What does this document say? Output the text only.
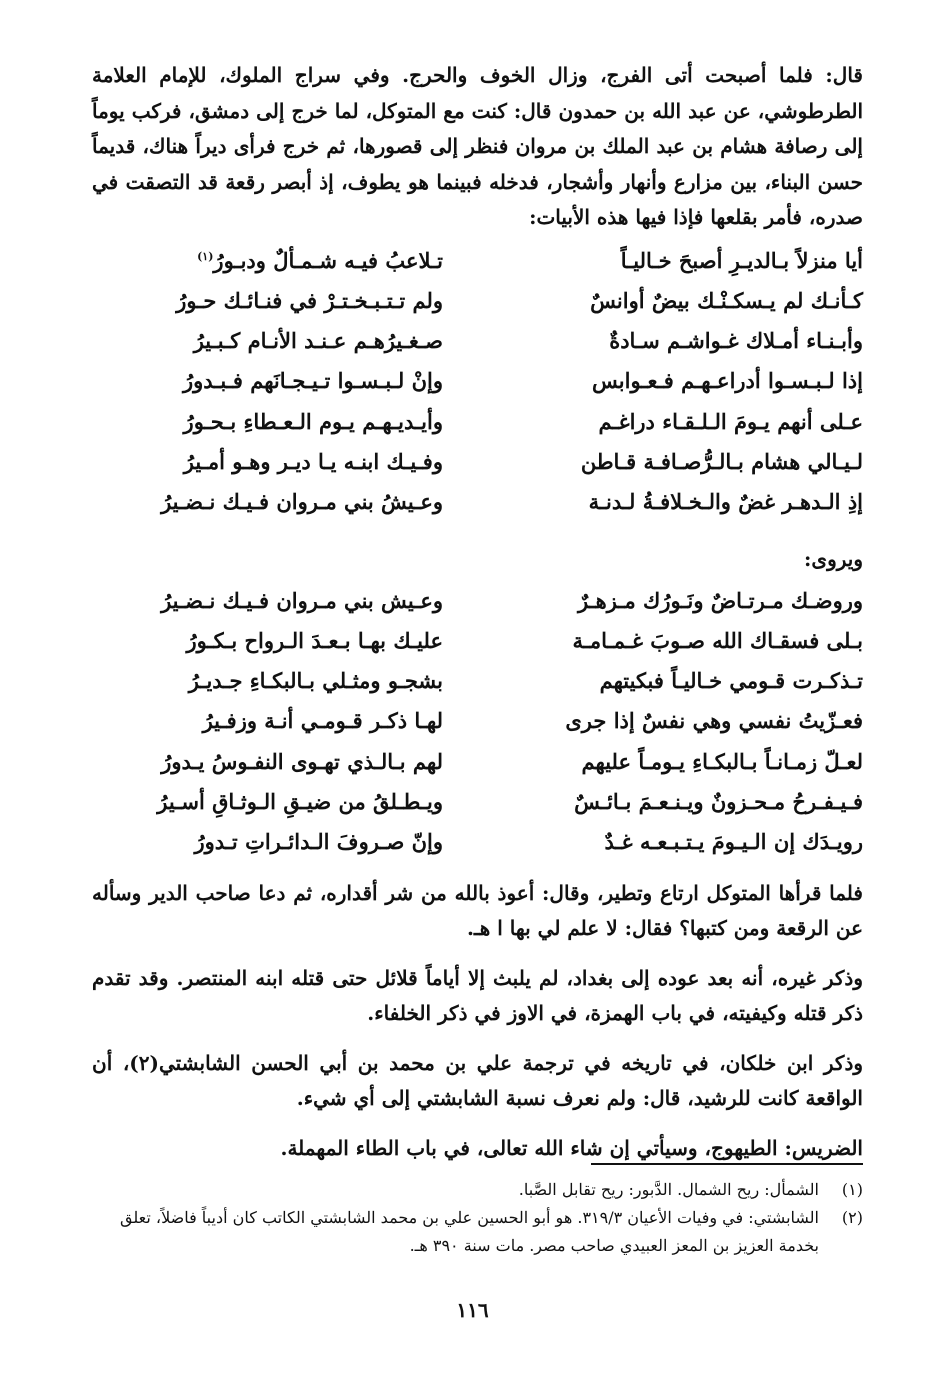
قال: فلما أصبحت أتى الفرج، وزال الخوف والحرج. وفي سراج الملوك، للإمام العلامة الطرطوشي، عن عبد الله بن حمدون قال: كنت مع المتوكل، لما خرج إلى دمشق، فركب يوماً إلى رصافة هشام بن عبد الملك بن مروان فنظر إلى قصورها، ثم خرج فرأى ديراً هناك، قديماً حسن البناء، بين مزارع وأنهار وأشجار، فدخله فبينما هو يطوف، إذ أبصر رقعة قد التصقت في صدره، فأمر بقلعها فإذا فيها هذه الأبيات:

أيا منزلاً بـالديـرِ أصبحَ خـاليـاً
تـلاعبُ فيـه شـمـألٌ ودبـورُ$^{(١)}$
كـأنـك لم يـسكـنْـك بيضٌ أوانسٌ
ولم تـتـبـخـتـرْ في فنـائـك حـورُ
وأبـنـاء أمـلاك غـواشـم سـادةٌ
صـغـيرُهـم عـنـد الأنـام كـبـيرُ
إذا لـبـسـوا أدراعـهـم فـعـوابس
وإنْ لـبـسـوا تـيـجـانَهم فـبـدورُ
عـلى أنهم يـومَ الـلـقـاء دراغـم
وأيـديـهـم يـوم الـعـطاءِ بـحـورُ
لـيـالي هشام بـالـرُّصـافـة قـاطن
وفـيـك ابنـه يـا ديـر وهـو أمـيرُ
إذِ الـدهـر غضٌ والـخـلافـةُ لـدنـة
وعـيشُ بني مـروان فـيـك نـضـيرُ
ويروى:
وروضـك مـرتـاضٌ ونَـورُك مـزهـرٌ
وعـيش بني مـروان فـيـك نـضـيرُ
بـلى فسقـاك الله صـوبَ غـمـامـة
عليـك بهـا بـعـدَ الـرواح بـكـورُ
تـذكـرت قـومي خـاليـاً فبكيتهم
بشجـو ومثـلي بـالبكـاءِ جـديـرُ
فعـزّيتُ نفسي وهي نفسٌ إذا جرى
لهـا ذكـر قـومـي أنـة وزفـيرُ
لعـلّ زمـانـاً بـالبكـاءِ يـومـاً عليهم
لهم بـالـذي تهـوى النفـوسُ يـدورُ
فـيـفـرحُ مـحـزونٌ ويـنـعـمَ بـائـسٌ
ويـطـلقُ من ضيـقِ الـوثـاقِ أسـيرُ
رويـدَك إن الـيـومَ يـتـبـعـه غـدٌ
وإنّ صـروفَ الـدائـراتِ تـدورُ

فلما قرأها المتوكل ارتاع وتطير، وقال: أعوذ بالله من شر أقداره، ثم دعا صاحب الدير وسأله عن الرقعة ومن كتبها؟ فقال: لا علم لي بها ا هـ.

وذكر غيره، أنه بعد عوده إلى بغداد، لم يلبث إلا أياماً قلائل حتى قتله ابنه المنتصر. وقد تقدم ذكر قتله وكيفيته، في باب الهمزة، في الاوز في ذكر الخلفاء.

وذكر ابن خلكان، في تاريخه في ترجمة علي بن محمد بن أبي الحسن الشابشتي(٢)، أن الواقعة كانت للرشيد، قال: ولم نعرف نسبة الشابشتي إلى أي شيء.

الضريس: الطيهوج، وسيأتي إن شاء الله تعالى، في باب الطاء المهملة.

(١)
الشمأل: ريح الشمال. الدَّبور: ريح تقابل الصَّبا.
(٢)
الشابشتي: في وفيات الأعيان ٣١٩/٣. هو أبو الحسين علي بن محمد الشابشتي الكاتب كان أديباً فاضلاً، تعلق بخدمة العزيز بن المعز العبيدي صاحب مصر. مات سنة ٣٩٠ هـ.
١١٦
